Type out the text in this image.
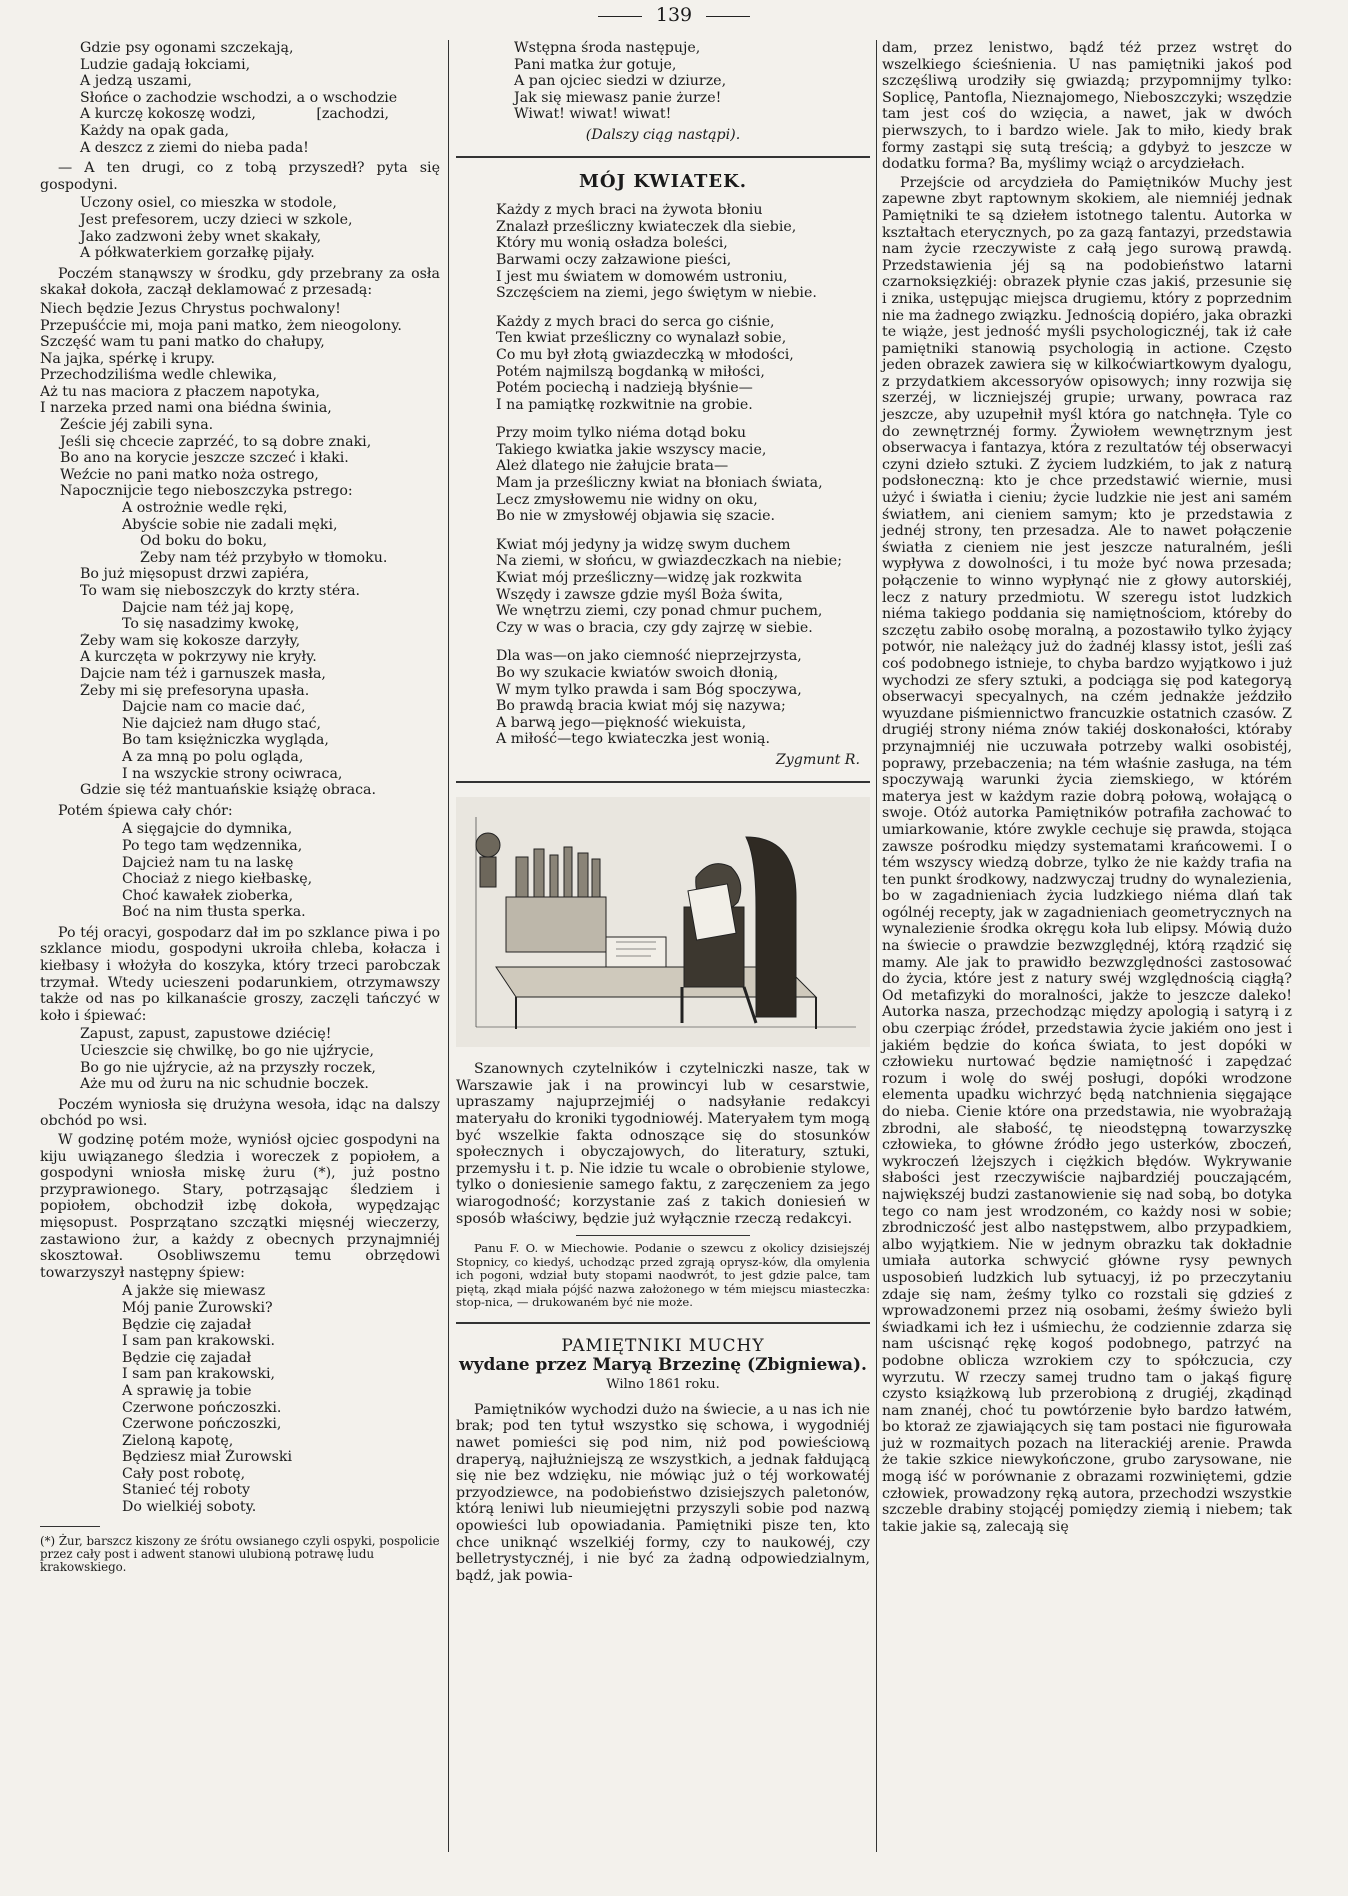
139
Gdzie psy ogonami szczekają,
Ludzie gadają łokciami,
A jedzą uszami,
Słońce o zachodzie wschodzi, a o wschodzie
A kurczę kokoszę wodzi,	[zachodzi,
Każdy na opak gada,
A deszcz z ziemi do nieba pada!

— A ten drugi, co z tobą przyszedł? pyta się gospodyni.

Uczony osiel, co mieszka w stodole,
Jest prefesorem, uczy dzieci w szkole,
Jako zadzwoni żeby wnet skakały,
A półkwaterkiem gorzałkę pijały.

Poczém stanąwszy w środku, gdy przebrany za osła skakał dokoła, zaczął deklamować z przesadą:

Niech będzie Jezus Chrystus pochwalony!
Przepuśćcie mi, moja pani matko, żem nieogolony.
Szczęść wam tu pani matko do chałupy,
Na jajka, spérkę i krupy.
Przechodziliśma wedle chlewika,
Aż tu nas maciora z płaczem napotyka,
I narzeka przed nami ona biédna świnia,
Żeście jéj zabili syna.
Jeśli się chcecie zaprzéć, to są dobre znaki,
Bo ano na korycie jeszcze szczeć i kłaki.
Weźcie no pani matko noża ostrego,
Napocznijcie tego nieboszczyka pstrego:
A ostrożnie wedle ręki,
Abyście sobie nie zadali męki,
Od boku do boku,
Żeby nam téż przybyło w tłomoku.
Bo już mięsopust drzwi zapiéra,
To wam się nieboszczyk do krzty stéra.
Dajcie nam téż jaj kopę,
To się nasadzimy kwokę,
Żeby wam się kokosze darzyły,
A kurczęta w pokrzywy nie kryły.
Dajcie nam téż i garnuszek masła,
Żeby mi się prefesoryna upasła.
Dajcie nam co macie dać,
Nie dajcież nam długo stać,
Bo tam księżniczka wygląda,
A za mną po polu ogląda,
I na wszyckie strony ociwraca,
Gdzie się téż mantuańskie książę obraca.

Potém śpiewa cały chór:

A sięgajcie do dymnika,
Po tego tam wędzennika,
Dajcież nam tu na laskę
Chociaż z niego kiełbaskę,
Choć kawałek zioberka,
Boć na nim tłusta sperka.

Po téj oracyi, gospodarz dał im po szklance piwa i po szklance miodu, gospodyni ukroiła chleba, kołacza i kiełbasy i włożyła do koszyka, który trzeci parobczak trzymał. Wtedy ucieszeni podarunkiem, otrzymawszy także od nas po kilkanaście groszy, zaczęli tańczyć w koło i śpiewać:

Zapust, zapust, zapustowe dziécię!
Ucieszcie się chwilkę, bo go nie ujźrycie,
Bo go nie ujźrycie, aż na przyszły roczek,
Aże mu od żuru na nic schudnie boczek.

Poczém wyniosła się drużyna wesoła, idąc na dalszy obchód po wsi.

W godzinę potém może, wyniósł ojciec gospodyni na kiju uwiązanego śledzia i woreczek z popiołem, a gospodyni wniosła miskę żuru (*), już postno przyprawionego. Stary, potrząsając śledziem i popiołem, obchodził izbę dokoła, wypędzając mięsopust. Posprzątano szczątki mięsnéj wieczerzy, zastawiono żur, a każdy z obecnych przynajmniéj skosztował. Osobliwszemu temu obrzędowi towarzyszył następny śpiew:

A jakże się miewasz
Mój panie Żurowski?
Będzie cię zajadał
I sam pan krakowski.
Będzie cię zajadał
I sam pan krakowski,
A sprawię ja tobie
Czerwone pończoszki.
Czerwone pończoszki,
Zieloną kapotę,
Będziesz miał Żurowski
Cały post robotę,
Stanieć téj roboty
Do wielkiéj soboty.

(*) Żur, barszcz kiszony ze śrótu owsianego czyli ospyki, pospolicie przez cały post i adwent stanowi ulubioną potrawę ludu krakowskiego.

Wstępna środa następuje,
Pani matka żur gotuje,
A pan ojciec siedzi w dziurze,
Jak się miewasz panie żurze!
Wiwat! wiwat! wiwat!
(Dalszy ciąg nastąpi).
MÓJ KWIATEK.
Każdy z mych braci na żywota błoniu
Znalazł prześliczny kwiateczek dla siebie,
Który mu wonią osładza boleści,
Barwami oczy załzawione pieści,
I jest mu światem w domowém ustroniu,
Szczęściem na ziemi, jego świętym w niebie.
Każdy z mych braci do serca go ciśnie,
Ten kwiat prześliczny co wynalazł sobie,
Co mu był złotą gwiazdeczką w młodości,
Potém najmilszą bogdanką w miłości,
Potém pociechą i nadzieją błyśnie—
I na pamiątkę rozkwitnie na grobie.
Przy moim tylko niéma dotąd boku
Takiego kwiatka jakie wszyscy macie,
Ależ dlatego nie żałujcie brata—
Mam ja prześliczny kwiat na błoniach świata,
Lecz zmysłowemu nie widny on oku,
Bo nie w zmysłowéj objawia się szacie.
Kwiat mój jedyny ja widzę swym duchem
Na ziemi, w słońcu, w gwiazdeczkach na niebie;
Kwiat mój prześliczny—widzę jak rozkwita
Wszędy i zawsze gdzie myśl Boża świta,
We wnętrzu ziemi, czy ponad chmur puchem,
Czy w was o bracia, czy gdy zajrzę w siebie.
Dla was—on jako ciemność nieprzejrzysta,
Bo wy szukacie kwiatów swoich dłonią,
W mym tylko prawda i sam Bóg spoczywa,
Bo prawdą bracia kwiat mój się nazywa;
A barwą jego—piękność wiekuista,
A miłość—tego kwiateczka jest wonią.
Zygmunt R.

Szanownych czytelników i czytelniczki nasze, tak w Warszawie jak i na prowincyi lub w cesarstwie, upraszamy najuprzejmiéj o nadsyłanie redakcyi materyału do kroniki tygodniowéj. Materyałem tym mogą być wszelkie fakta odnoszące się do stosunków społecznych i obyczajowych, do literatury, sztuki, przemysłu i t. p. Nie idzie tu wcale o obrobienie stylowe, tylko o doniesienie samego faktu, z zaręczeniem za jego wiarogodność; korzystanie zaś z takich doniesień w sposób właściwy, będzie już wyłącznie rzeczą redakcyi.

Panu F. O. w Miechowie. Podanie o szewcu z okolicy dzisiejszéj Stopnicy, co kiedyś, uchodząc przed zgrają oprysz-ków, dla omylenia ich pogoni, wdział buty stopami naodwrót, to jest gdzie palce, tam piętą, zkąd miała pójść nazwa założonego w tém miejscu miasteczka: stop-nica, — drukowaném być nie może.

PAMIĘTNIKI MUCHY
wydane przez Maryą Brzezinę (Zbigniewa).
Wilno 1861 roku.

Pamiętników wychodzi dużo na świecie, a u nas ich nie brak; pod ten tytuł wszystko się schowa, i wygodniéj nawet pomieści się pod nim, niż pod powieściową draperyą, najłużniejszą ze wszystkich, a jednak fałdującą się nie bez wdzięku, nie mówiąc już o téj workowatéj przyodziewce, na podobieństwo dzisiejszych paletonów, którą leniwi lub nieumiejętni przyszyli sobie pod nazwą opowieści lub opowiadania. Pamiętniki pisze ten, kto chce uniknąć wszelkiéj formy, czy to naukowéj, czy belletrystycznéj, i nie być za żadną odpowiedzialnym, bądź, jak powia-

dam, przez lenistwo, bądź téż przez wstręt do wszelkiego ścieśnienia. U nas pamiętniki jakoś pod szczęśliwą urodziły się gwiazdą; przypomnijmy tylko: Soplicę, Pantofla, Nieznajomego, Nieboszczyki; wszędzie tam jest coś do wzięcia, a nawet, jak w dwóch pierwszych, to i bardzo wiele. Jak to miło, kiedy brak formy zastąpi się sutą treścią; a gdybyż to jeszcze w dodatku forma? Ba, myślimy wciąż o arcydziełach.

Przejście od arcydzieła do Pamiętników Muchy jest zapewne zbyt raptownym skokiem, ale niemniéj jednak Pamiętniki te są dziełem istotnego talentu. Autorka w kształtach eterycznych, po za gazą fantazyi, przedstawia nam życie rzeczywiste z całą jego surową prawdą. Przedstawienia jéj są na podobieństwo latarni czarnoksięzkiéj: obrazek płynie czas jakiś, przesunie się i znika, ustępując miejsca drugiemu, który z poprzednim nie ma żadnego związku. Jednością dopiéro, jaka obrazki te wiąże, jest jedność myśli psychologicznéj, tak iż całe pamiętniki stanowią psychologią in actione. Często jeden obrazek zawiera się w kilkoćwiartkowym dyalogu, z przydatkiem akcessoryów opisowych; inny rozwija się szerzéj, w liczniejszéj grupie; urwany, powraca raz jeszcze, aby uzupełnił myśl która go natchnęła. Tyle co do zewnętrznéj formy. Żywiołem wewnętrznym jest obserwacya i fantazya, która z rezultatów téj obserwacyi czyni dzieło sztuki. Z życiem ludzkiém, to jak z naturą podsłoneczną: kto je chce przedstawić wiernie, musi użyć i światła i cieniu; życie ludzkie nie jest ani samém światłem, ani cieniem samym; kto je przedstawia z jednéj strony, ten przesadza. Ale to nawet połączenie światła z cieniem nie jest jeszcze naturalném, jeśli wypływa z dowolności, i tu może być nowa przesada; połączenie to winno wypłynąć nie z głowy autorskiéj, lecz z natury przedmiotu. W szeregu istot ludzkich niéma takiego poddania się namiętnościom, któreby do szczętu zabiło osobę moralną, a pozostawiło tylko żyjący potwór, nie należący już do żadnéj klassy istot, jeśli zaś coś podobnego istnieje, to chyba bardzo wyjątkowo i już wychodzi ze sfery sztuki, a podciąga się pod kategoryą obserwacyi specyalnych, na czém jednakże jeździło wyuzdane piśmiennictwo francuzkie ostatnich czasów. Z drugiéj strony niéma znów takiéj doskonałości, któraby przynajmniéj nie uczuwała potrzeby walki osobistéj, poprawy, przebaczenia; na tém właśnie zasługa, na tém spoczywają warunki życia ziemskiego, w którém materya jest w każdym razie dobrą połową, wołającą o swoje. Otóż autorka Pamiętników potrafiła zachować to umiarkowanie, które zwykle cechuje się prawda, stojąca zawsze pośrodku między systematami krańcowemi. I o tém wszyscy wiedzą dobrze, tylko że nie każdy trafia na ten punkt środkowy, nadzwyczaj trudny do wynalezienia, bo w zagadnieniach życia ludzkiego niéma dlań tak ogólnéj recepty, jak w zagadnieniach geometrycznych na wynalezienie środka okręgu koła lub elipsy. Mówią dużo na świecie o prawdzie bezwzględnéj, którą rządzić się mamy. Ale jak to prawidło bezwzględności zastosować do życia, które jest z natury swéj względnością ciągłą? Od metafizyki do moralności, jakże to jeszcze daleko! Autorka nasza, przechodząc między apologią i satyrą i z obu czerpiąc źródeł, przedstawia życie jakiém ono jest i jakiém będzie do końca świata, to jest dopóki w człowieku nurtować będzie namiętność i zapędzać rozum i wolę do swéj posługi, dopóki wrodzone elementa upadku wichrzyć będą natchnienia sięgające do nieba. Cienie które ona przedstawia, nie wyobrażają zbrodni, ale słabość, tę nieodstępną towarzyszkę człowieka, to główne źródło jego usterków, zboczeń, wykroczeń lżejszych i ciężkich błędów. Wykrywanie słabości jest rzeczywiście najbardziéj pouczającém, największéj budzi zastanowienie się nad sobą, bo dotyka tego co nam jest wrodzoném, co każdy nosi w sobie; zbrodniczość jest albo następstwem, albo przypadkiem, albo wyjątkiem. Nie w jednym obrazku tak dokładnie umiała autorka schwycić główne rysy pewnych usposobień ludzkich lub sytuacyj, iż po przeczytaniu zdaje się nam, żeśmy tylko co rozstali się gdzieś z wprowadzonemi przez nią osobami, żeśmy świeżo byli świadkami ich łez i uśmiechu, że codziennie zdarza się nam uścisnąć rękę kogoś podobnego, patrzyć na podobne oblicza wzrokiem czy to spółczucia, czy wyrzutu. W rzeczy samej trudno tam o jakąś figurę czysto książkową lub przerobioną z drugiéj, zkądinąd nam znanéj, choć tu powtórzenie było bardzo łatwém, bo ktoraż ze zjawiających się tam postaci nie figurowała już w rozmaitych pozach na literackiéj arenie. Prawda że takie szkice niewykończone, grubo zarysowane, nie mogą iść w porównanie z obrazami rozwiniętemi, gdzie człowiek, prowadzony ręką autora, przechodzi wszystkie szczeble drabiny stojącéj pomiędzy ziemią i niebem; tak takie jakie są, zalecają się
